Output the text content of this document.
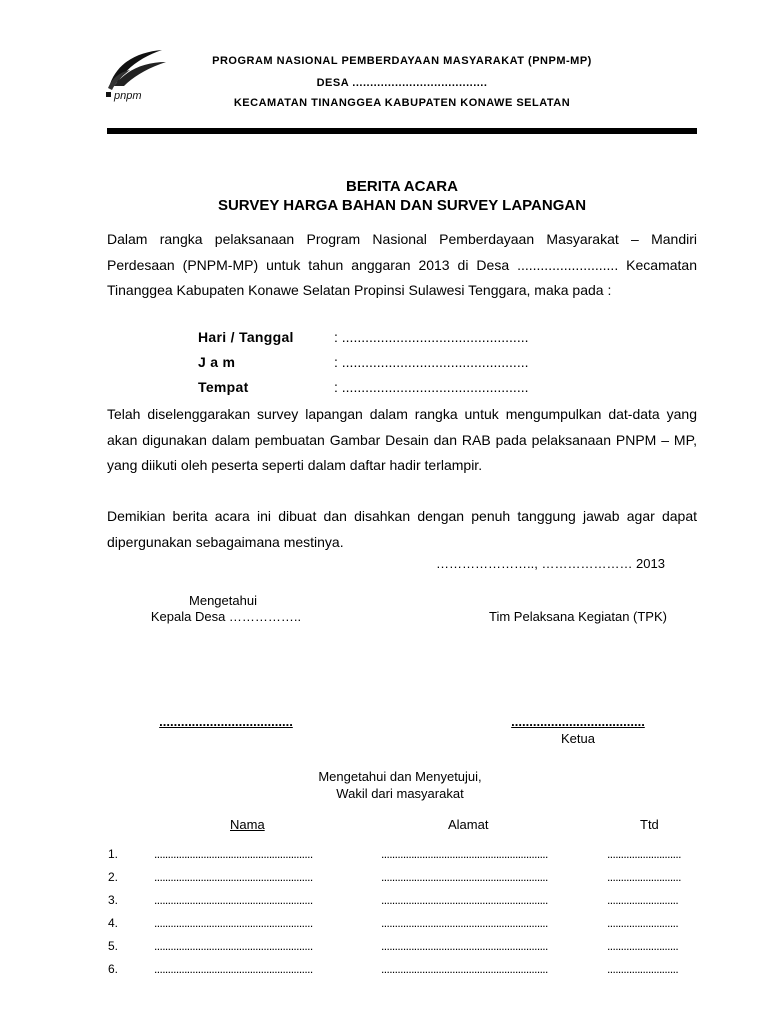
pnpm
PROGRAM NASIONAL PEMBERDAYAAN MASYARAKAT (PNPM-MP)
DESA ......................................
KECAMATAN TINANGGEA KABUPATEN KONAWE SELATAN
BERITA ACARA
SURVEY HARGA BAHAN DAN SURVEY LAPANGAN
Dalam rangka pelaksanaan Program Nasional Pemberdayaan Masyarakat – Mandiri Perdesaan (PNPM-MP) untuk tahun anggaran 2013 di Desa .......................... Kecamatan Tinanggea Kabupaten Konawe Selatan Propinsi Sulawesi Tenggara, maka pada :
Hari / Tanggal	: ................................................
J a m	: ................................................
Tempat	: ................................................
Telah diselenggarakan survey lapangan dalam rangka untuk mengumpulkan dat-data yang akan digunakan dalam pembuatan Gambar Desain dan RAB pada pelaksanaan PNPM – MP, yang diikuti oleh peserta seperti dalam daftar hadir terlampir.
Demikian berita acara ini dibuat dan disahkan dengan penuh tanggung jawab agar dapat dipergunakan sebagaimana mestinya.
………………….., ………………… 2013
Mengetahui
Kepala Desa ……………..	Tim Pelaksana Kegiatan (TPK)
.....................................	.....................................
Ketua
Mengetahui dan Menyetujui,
Wakil dari masyarakat
Nama	Alamat	Ttd
1.	..........................................................	.............................................................	...........................
2.	..........................................................	.............................................................	...........................
3.	..........................................................	.............................................................	..........................
4.	..........................................................	.............................................................	..........................
5.	..........................................................	.............................................................	..........................
6.	..........................................................	.............................................................	..........................
